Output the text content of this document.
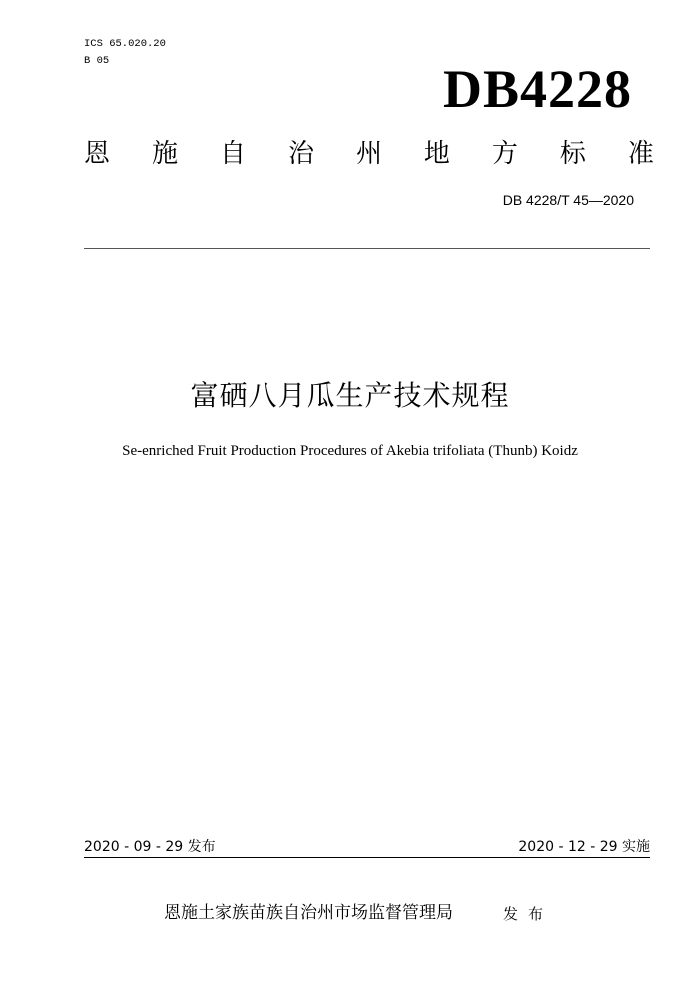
ICS 65.020.20
B 05	DB4228
恩 施 自 治 州 地 方 标 准
DB 4228/T 45—2020
富硒八月瓜生产技术规程
Se-enriched Fruit Production Procedures of Akebia trifoliata (Thunb) Koidz
2020 - 09 - 29 发布	2020 - 12 - 29 实施
恩施土家族苗族自治州市场监督管理局	发布
